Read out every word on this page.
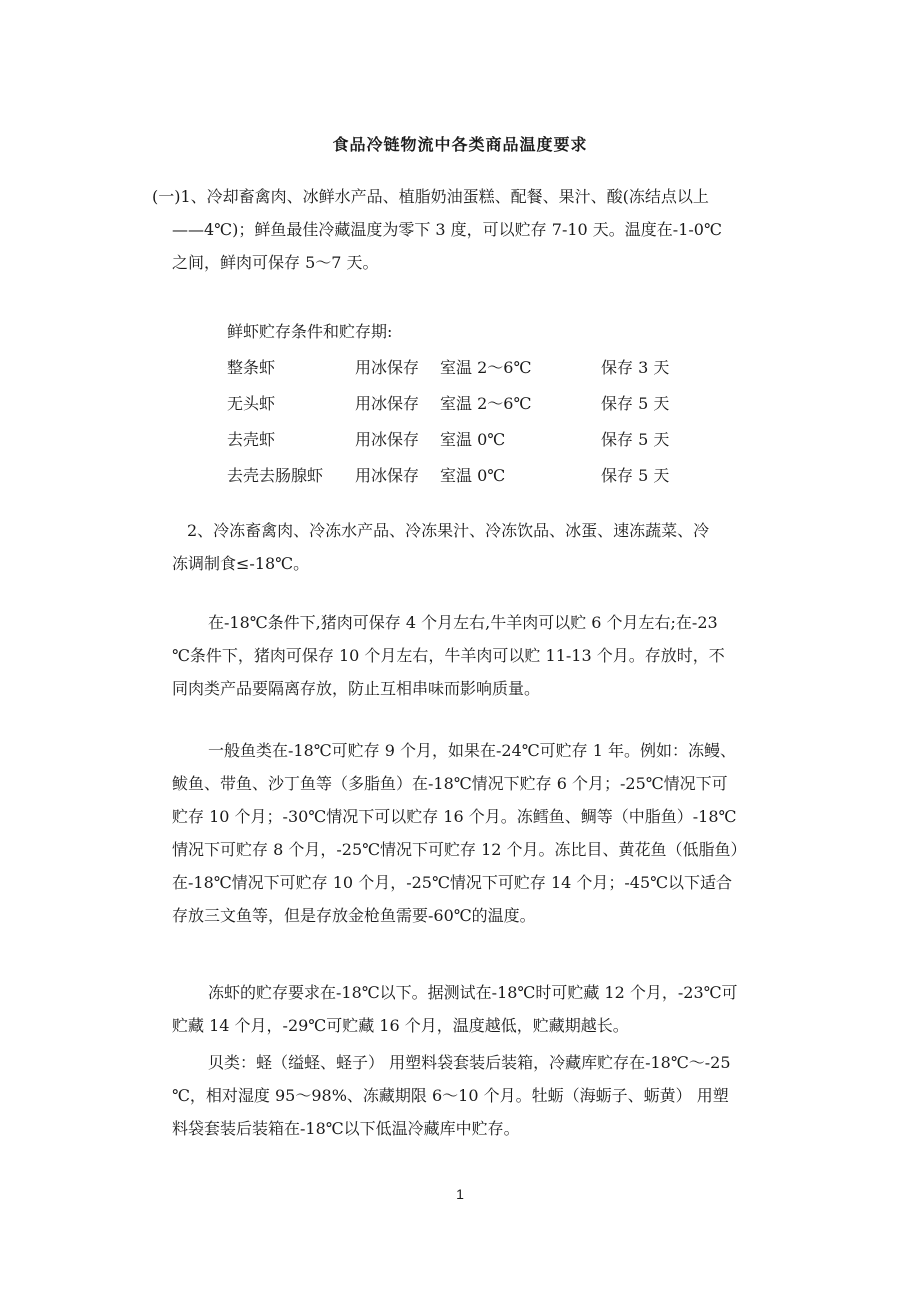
食品冷链物流中各类商品温度要求

(一)1、冷却畜禽肉、冰鲜水产品、植脂奶油蛋糕、配餐、果汁、酸(冻结点以上

——4℃)；鲜鱼最佳冷藏温度为零下 3 度，可以贮存 7-10 天。温度在-1-0℃

之间，鲜肉可保存 5～7 天。

鲜虾贮存条件和贮存期:
整条虾	用冰保存 室温 2～6℃	保存 3 天
无头虾	用冰保存 室温 2～6℃	保存 5 天
去壳虾	用冰保存 室温 0℃	保存 5 天
去壳去肠腺虾 用冰保存 室温 0℃	保存 5 天

2、冷冻畜禽肉、冷冻水产品、冷冻果汁、冷冻饮品、冰蛋、速冻蔬菜、冷

冻调制食≤-18℃。

在-18℃条件下,猪肉可保存 4 个月左右,牛羊肉可以贮 6 个月左右;在-23

℃条件下，猪肉可保存 10 个月左右，牛羊肉可以贮 11-13 个月。存放时，不

同肉类产品要隔离存放，防止互相串味而影响质量。

一般鱼类在-18℃可贮存 9 个月，如果在-24℃可贮存 1 年。例如：冻鳗、

鲅鱼、带鱼、沙丁鱼等（多脂鱼）在-18℃情况下贮存 6 个月；-25℃情况下可

贮存 10 个月；-30℃情况下可以贮存 16 个月。冻鳕鱼、鲷等（中脂鱼）-18℃

情况下可贮存 8 个月，-25℃情况下可贮存 12 个月。冻比目、黄花鱼（低脂鱼）

在-18℃情况下可贮存 10 个月，-25℃情况下可贮存 14 个月；-45℃以下适合

存放三文鱼等，但是存放金枪鱼需要-60℃的温度。

冻虾的贮存要求在-18℃以下。据测试在-18℃时可贮藏 12 个月，-23℃可

贮藏 14 个月，-29℃可贮藏 16 个月，温度越低，贮藏期越长。

贝类：蛏（缢蛏、蛏子） 用塑料袋套装后装箱，冷藏库贮存在-18℃～-25

℃，相对湿度 95～98%、冻藏期限 6～10 个月。牡蛎（海蛎子、蛎黄） 用塑

料袋套装后装箱在-18℃以下低温冷藏库中贮存。

1
